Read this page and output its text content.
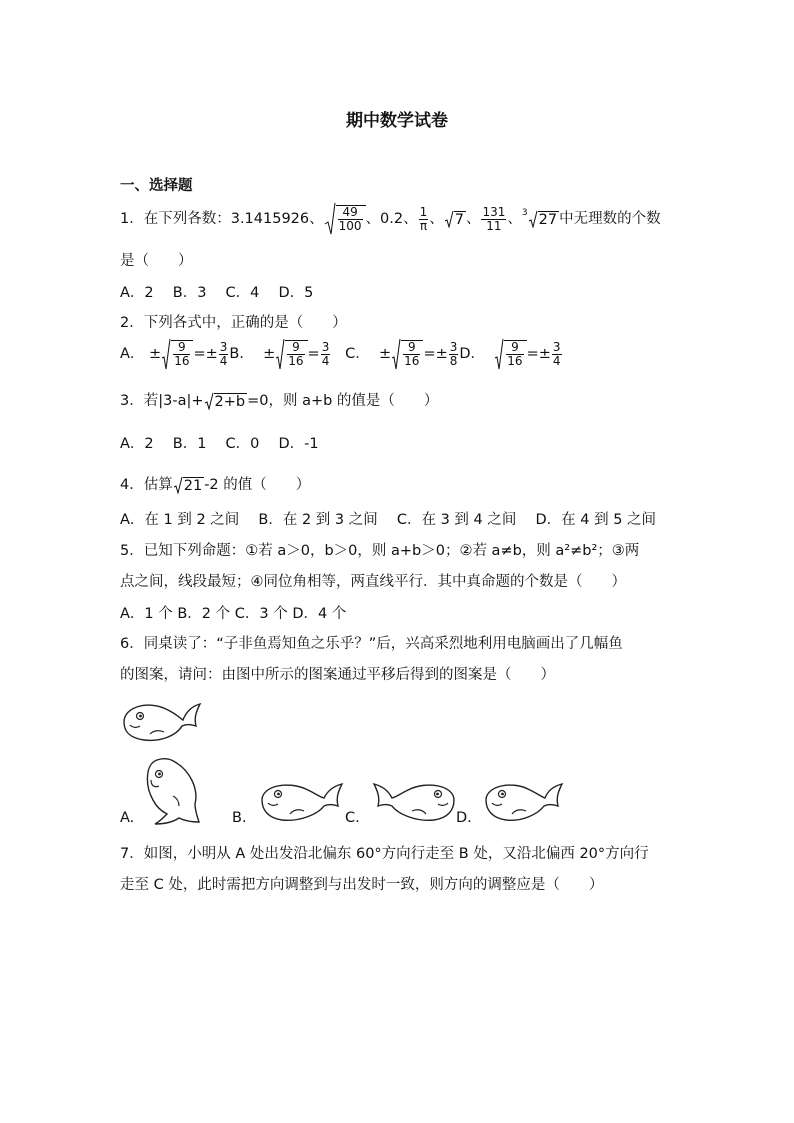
期中数学试卷
一、选择题
1．在下列各数：3.1415926、 $\frac{49}{100}$ 、0.2、 $\frac{1}{\pi}$ 、 7 、 $\frac{131}{11}$ 、$^3$ 27 中无理数的个数
是（　　）
A．2　 B．3　 C．4　 D．5
2．下列各式中，正确的是（　　）
A． ± $\frac{9}{16} =\pm \frac{3}{4}$ B． ± $\frac{9}{16} = \frac{3}{4}$ C． ± $\frac{9}{16} =\pm \frac{3}{8}$ D． $\frac{9}{16} =\pm \frac{3}{4}$
3．若|3-a|+ 2+b =0，则 a+b 的值是（　　）
A．2　 B．1　 C．0　 D．-1
4．估算 21 -2 的值（　　）
A．在 1 到 2 之间　 B．在 2 到 3 之间　 C．在 3 到 4 之间　 D．在 4 到 5 之间
5．已知下列命题：①若 a＞0，b＞0，则 a+b＞0；②若 a≠b，则 a²≠b²；③两
点之间，线段最短；④同位角相等，两直线平行．其中真命题的个数是（　　）
A．1 个 B．2 个 C．3 个 D．4 个
6．同桌读了：“子非鱼焉知鱼之乐乎？”后，兴高采烈地利用电脑画出了几幅鱼
的图案，请问：由图中所示的图案通过平移后得到的图案是（　　）
A.	B.	C.	D.
7．如图，小明从 A 处出发沿北偏东 60°方向行走至 B 处，又沿北偏西 20°方向行
走至 C 处，此时需把方向调整到与出发时一致，则方向的调整应是（　　）
